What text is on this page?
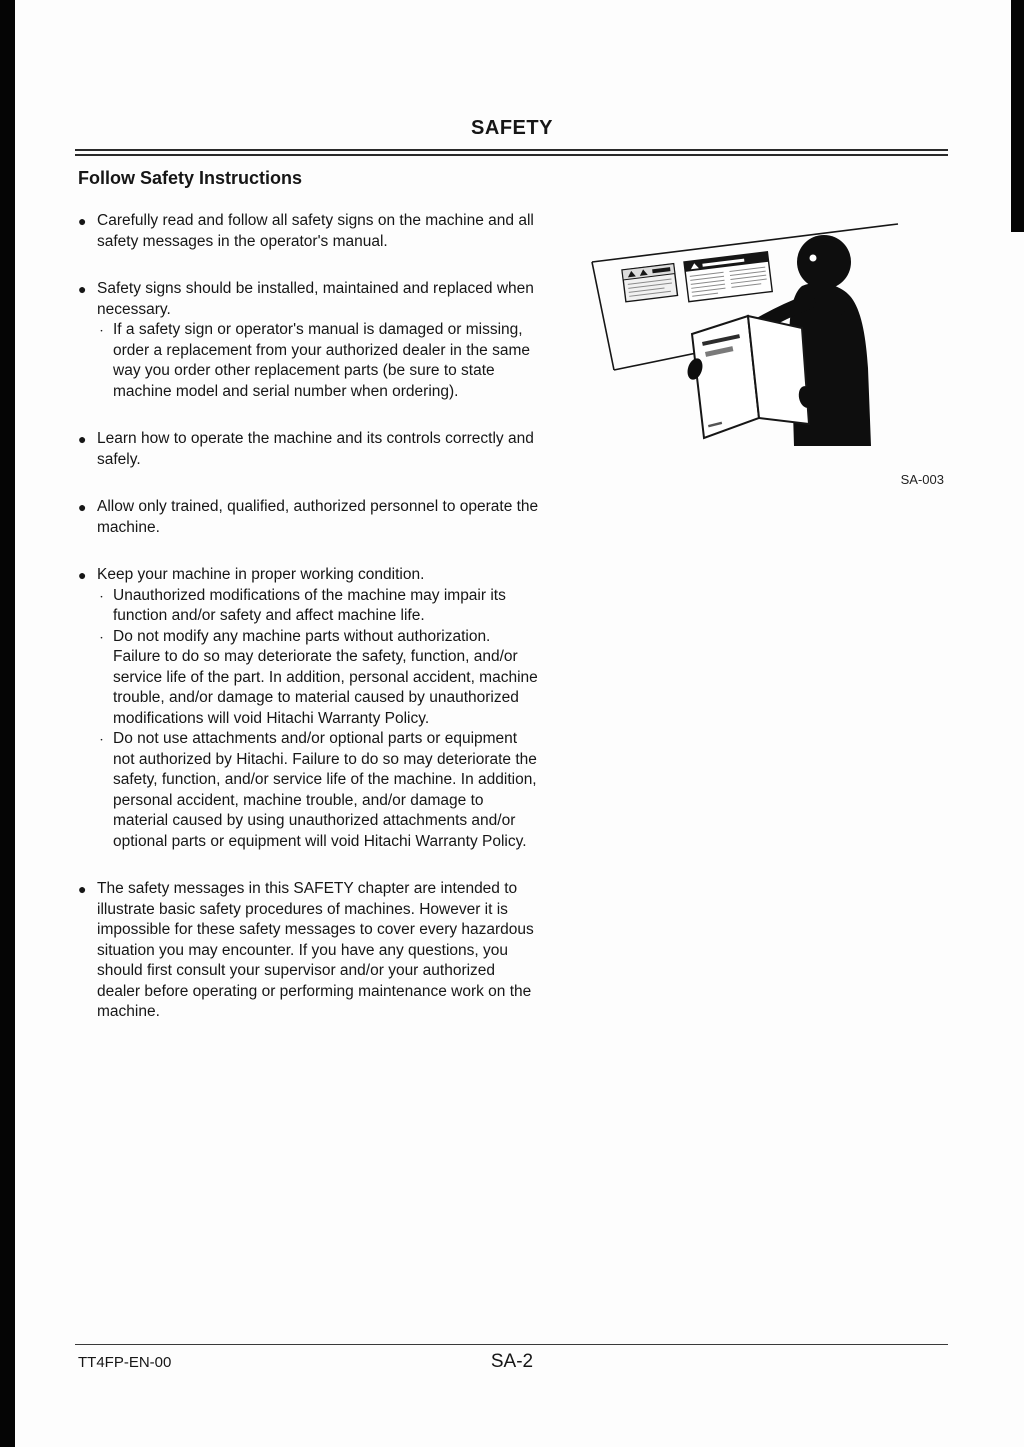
SAFETY
Follow Safety Instructions
● Carefully read and follow all safety signs on the machine and all safety messages in the operator's manual.

● Safety signs should be installed, maintained and replaced when necessary.

・ If a safety sign or operator's manual is damaged or missing, order a replacement from your authorized dealer in the same way you order other replacement parts (be sure to state machine model and serial number when ordering).

● Learn how to operate the machine and its controls correctly and safely.

● Allow only trained, qualified, authorized personnel to operate the machine.

● Keep your machine in proper working condition.

・ Unauthorized modifications of the machine may impair its function and/or safety and affect machine life.

・ Do not modify any machine parts without authorization. Failure to do so may deteriorate the safety, function, and/or service life of the part. In addition, personal accident, machine trouble, and/or damage to material caused by unauthorized modifications will void Hitachi Warranty Policy.

・ Do not use attachments and/or optional parts or equipment not authorized by Hitachi. Failure to do so may deteriorate the safety, function, and/or service life of the machine. In addition, personal accident, machine trouble, and/or damage to material caused by using unauthorized attachments and/or optional parts or equipment will void Hitachi Warranty Policy.

● The safety messages in this SAFETY chapter are intended to illustrate basic safety procedures of machines. However it is impossible for these safety messages to cover every hazardous situation you may encounter. If you have any questions, you should first consult your supervisor and/or your authorized dealer before operating or performing maintenance work on the machine.

SA-003
TT4FP-EN-00	SA-2
